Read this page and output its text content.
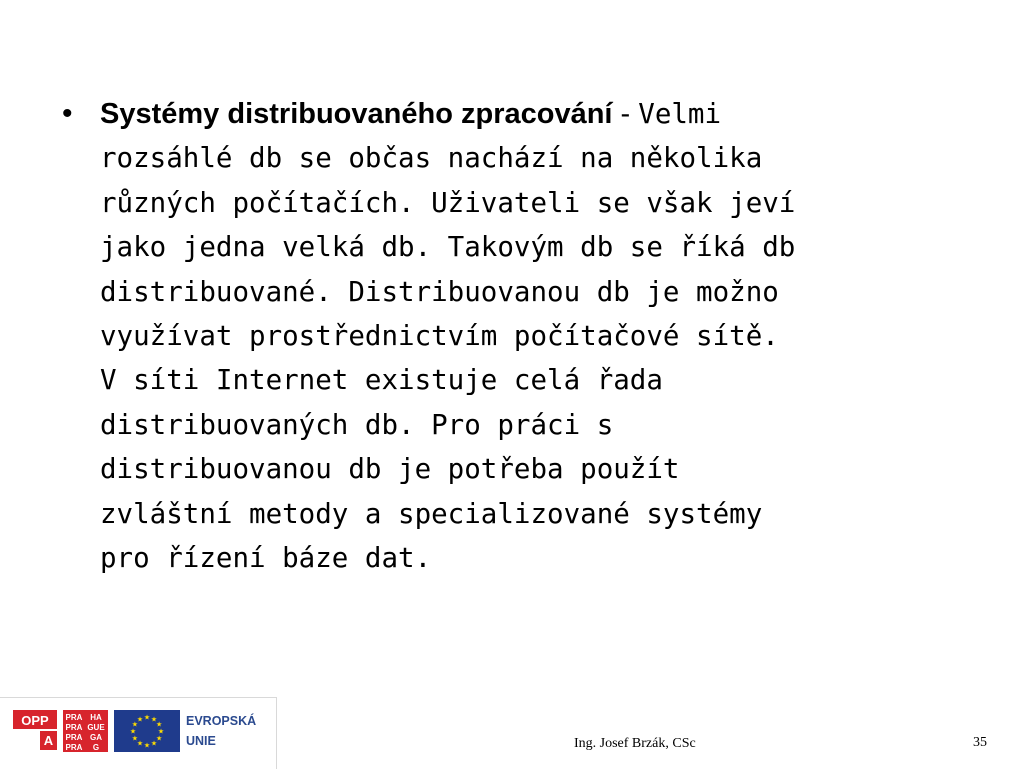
• Systémy distribuovaného zpracování - Velmi
rozsáhlé db se občas nachází na několika
různých počítačích. Uživateli se však jeví
jako jedna velká db. Takovým db se říká db
distribuované. Distribuovanou db je možno
využívat prostřednictvím počítačové sítě.
V síti Internet existuje celá řada
distribuovaných db. Pro práci s
distribuovanou db je potřeba použít
zvláštní metody a specializované systémy
pro řízení báze dat.
OPP
A
PRA HA
PRA GUE
PRA GA
PRA G
★ ★
★
★
★
★
★
★
★
★
★
★	EVROPSKÁ
UNIE	Ing. Josef Brzák, CSc	35
